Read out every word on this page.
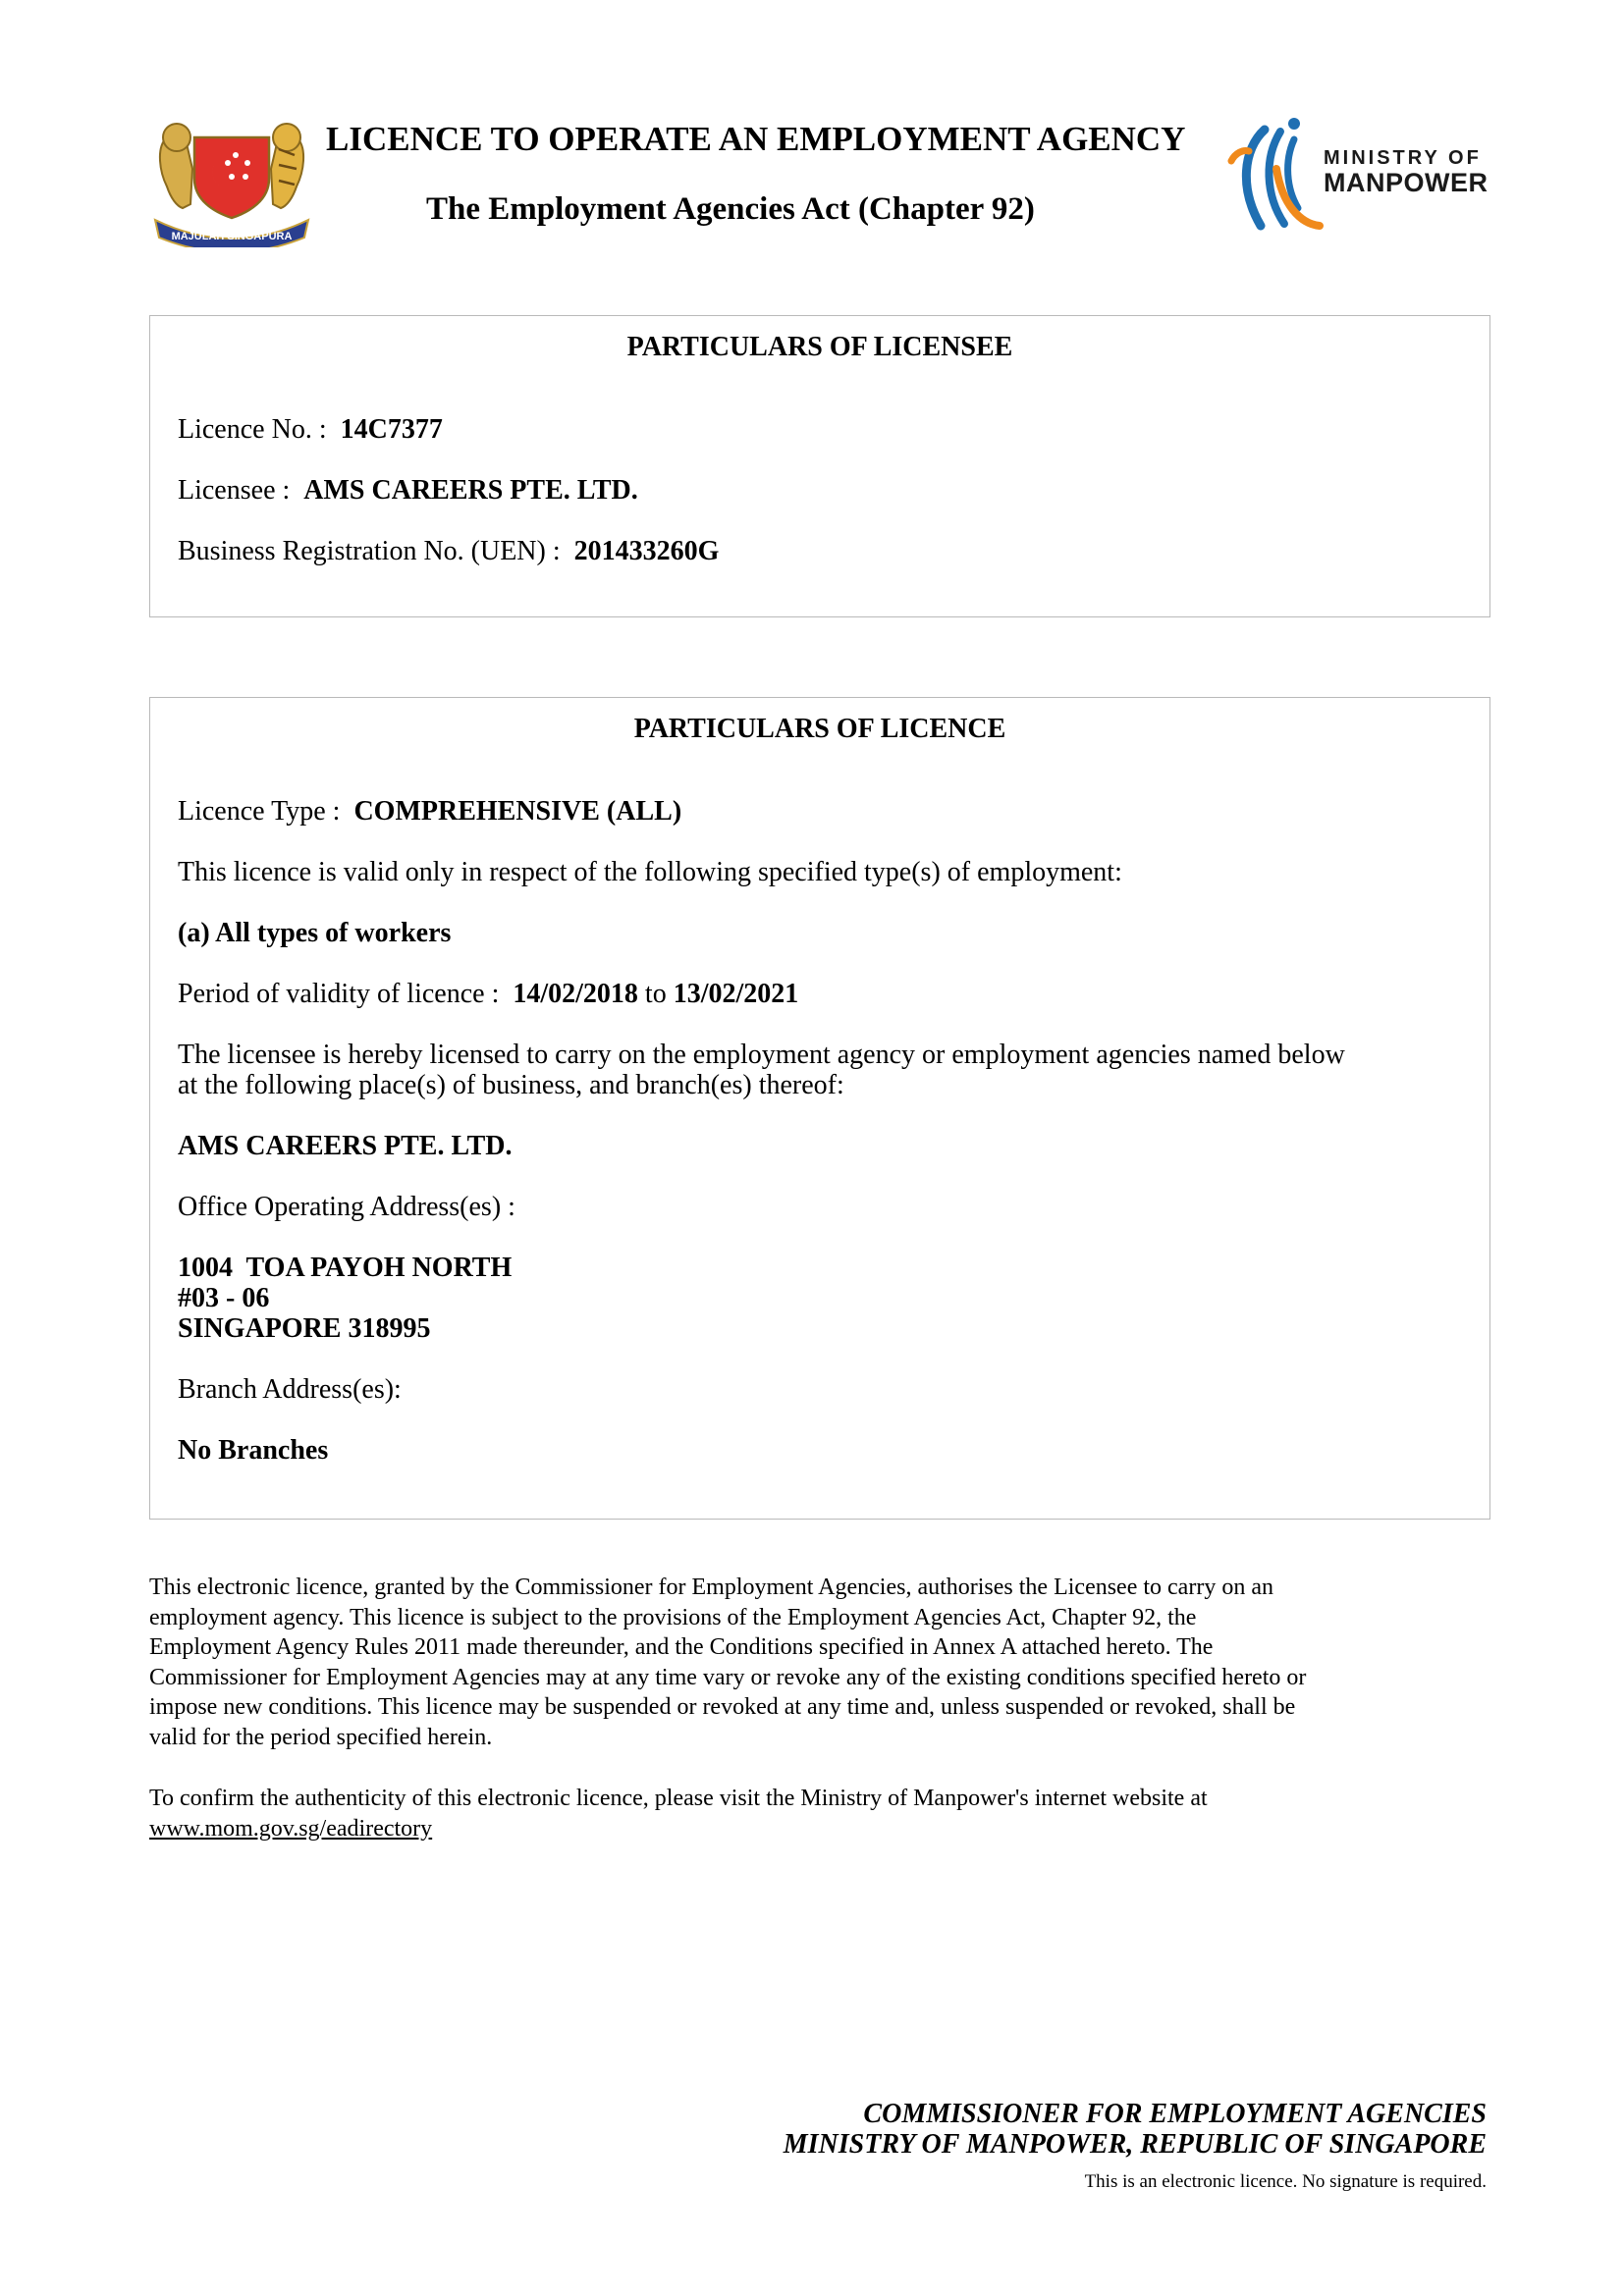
MAJULAH SINGAPURA
LICENCE TO OPERATE AN EMPLOYMENT AGENCY
The Employment Agencies Act (Chapter 92)
MINISTRY OF
MANPOWER
PARTICULARS OF LICENSEE
Licence No. : 14C7377
Licensee : AMS CAREERS PTE. LTD.
Business Registration No. (UEN) : 201433260G
PARTICULARS OF LICENCE
Licence Type : COMPREHENSIVE (ALL)
This licence is valid only in respect of the following specified type(s) of employment:
(a) All types of workers
Period of validity of licence : 14/02/2018 to 13/02/2021
The licensee is hereby licensed to carry on the employment agency or employment agencies named below
at the following place(s) of business, and branch(es) thereof:
AMS CAREERS PTE. LTD.
Office Operating Address(es) :
1004  TOA PAYOH NORTH
#03 - 06
SINGAPORE 318995
Branch Address(es):
No Branches
This electronic licence, granted by the Commissioner for Employment Agencies, authorises the Licensee to carry on an
employment agency. This licence is subject to the provisions of the Employment Agencies Act, Chapter 92, the
Employment Agency Rules 2011 made thereunder, and the Conditions specified in Annex A attached hereto. The
Commissioner for Employment Agencies may at any time vary or revoke any of the existing conditions specified hereto or
impose new conditions. This licence may be suspended or revoked at any time and, unless suspended or revoked, shall be
valid for the period specified herein.
To confirm the authenticity of this electronic licence, please visit the Ministry of Manpower's internet website at
www.mom.gov.sg/eadirectory
COMMISSIONER FOR EMPLOYMENT AGENCIES
MINISTRY OF MANPOWER, REPUBLIC OF SINGAPORE
This is an electronic licence. No signature is required.
